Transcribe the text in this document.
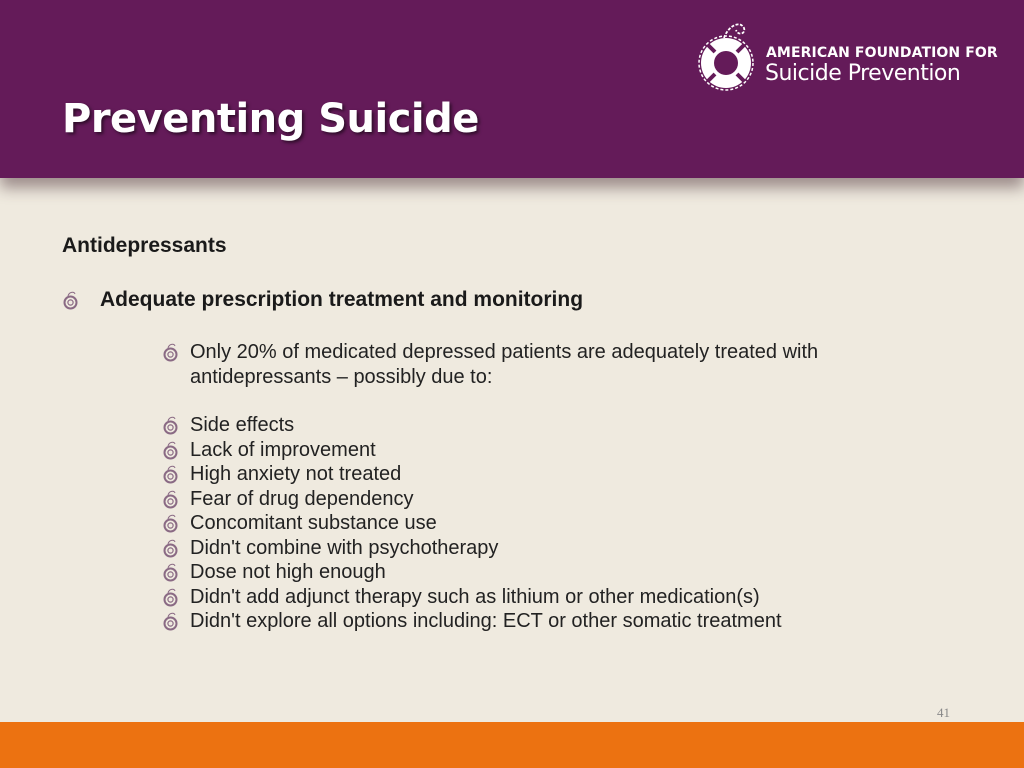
Preventing Suicide
AMERICAN FOUNDATION FOR
Suicide Prevention
Antidepressants
Adequate prescription treatment and monitoring
Only 20% of medicated depressed patients are adequately treated with antidepressants – possibly due to:
Side effects
Lack of improvement
High anxiety not treated
Fear of drug dependency
Concomitant substance use
Didn't combine with psychotherapy
Dose not high enough
Didn't add adjunct therapy such as lithium or other medication(s)
Didn't explore all options including: ECT or other somatic treatment
41
